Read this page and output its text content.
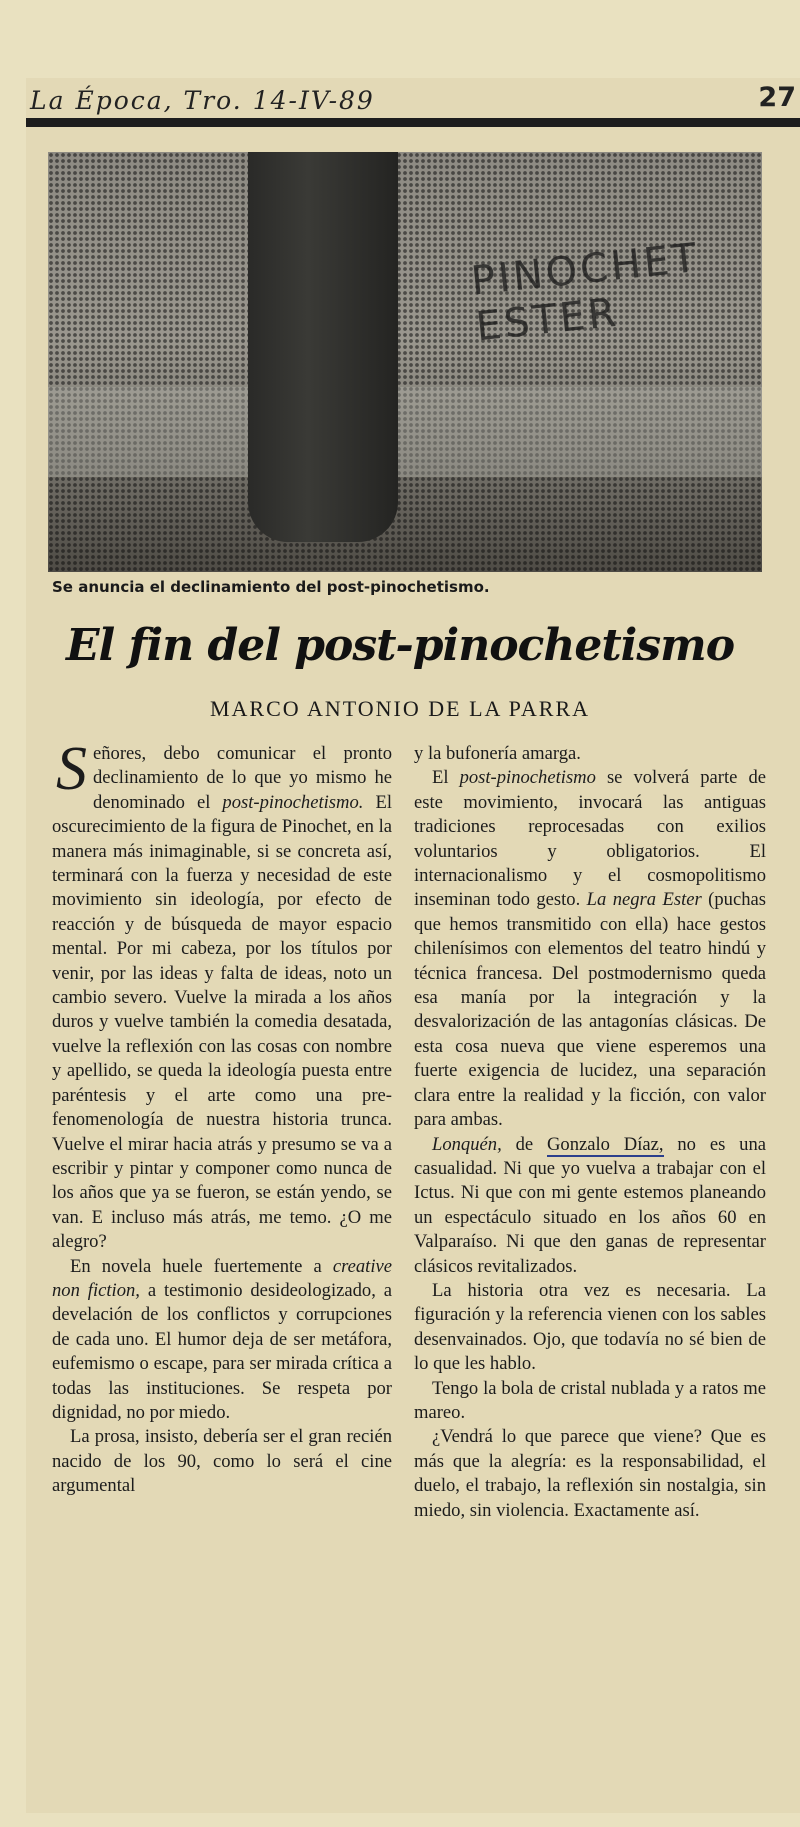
La Época, Tro. 14-IV-89	27
PINOCHET ESTER
Se anuncia el declinamiento del post-pinochetismo.
El fin del post-pinochetismo
MARCO ANTONIO DE LA PARRA

Señores, debo comunicar el pronto declinamiento de lo que yo mismo he denominado el post-pinochetismo. El oscurecimiento de la figura de Pinochet, en la manera más inimaginable, si se concreta así, terminará con la fuerza y necesidad de este movimiento sin ideología, por efecto de reacción y de búsqueda de mayor espacio mental. Por mi cabeza, por los títulos por venir, por las ideas y falta de ideas, noto un cambio severo. Vuelve la mirada a los años duros y vuelve también la comedia desatada, vuelve la reflexión con las cosas con nombre y apellido, se queda la ideología puesta entre paréntesis y el arte como una pre-fenomenología de nuestra historia trunca. Vuelve el mirar hacia atrás y presumo se va a escribir y pintar y componer como nunca de los años que ya se fueron, se están yendo, se van. E incluso más atrás, me temo. ¿O me alegro?

En novela huele fuertemente a creative non fiction, a testimonio desideologizado, a develación de los conflictos y corrupciones de cada uno. El humor deja de ser metáfora, eufemismo o escape, para ser mirada crítica a todas las instituciones. Se respeta por dignidad, no por miedo.

La prosa, insisto, debería ser el gran recién nacido de los 90, como lo será el cine argumental

y la bufonería amarga.

El post-pinochetismo se volverá parte de este movimiento, invocará las antiguas tradiciones reprocesadas con exilios voluntarios y obligatorios. El internacionalismo y el cosmopolitismo inseminan todo gesto. La negra Ester (puchas que hemos transmitido con ella) hace gestos chilenísimos con elementos del teatro hindú y técnica francesa. Del postmodernismo queda esa manía por la integración y la desvalorización de las antagonías clásicas. De esta cosa nueva que viene esperemos una fuerte exigencia de lucidez, una separación clara entre la realidad y la ficción, con valor para ambas.

Lonquén, de Gonzalo Díaz, no es una casualidad. Ni que yo vuelva a trabajar con el Ictus. Ni que con mi gente estemos planeando un espectáculo situado en los años 60 en Valparaíso. Ni que den ganas de representar clásicos revitalizados.

La historia otra vez es necesaria. La figuración y la referencia vienen con los sables desenvainados. Ojo, que todavía no sé bien de lo que les hablo.

Tengo la bola de cristal nublada y a ratos me mareo.

¿Vendrá lo que parece que viene? Que es más que la alegría: es la responsabilidad, el duelo, el trabajo, la reflexión sin nostalgia, sin miedo, sin violencia. Exactamente así.
